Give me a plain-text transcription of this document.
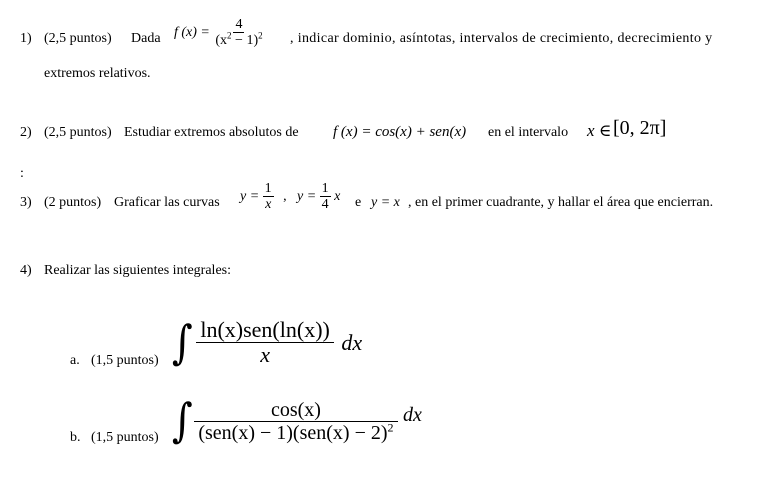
1) (2,5 puntos) Dada f $(x) = \frac{4}{(x^2 - 1)^2}$ , indicar dominio, asíntotas, intervalos de crecimiento, decrecimiento y
extremos relativos.
2) (2,5 puntos) Estudiar extremos absolutos de f (x) = cos(x) + sen(x) en el intervalo x ∈ [0, 2π]
:
3) (2 puntos) Graficar las curvas $y = \frac{1}{x}$ , $y = \frac{1}{4}$ x e y = x , en el primer cuadrante, y hallar el área que encierran.
4) Realizar las siguientes integrales:
a. (1,5 puntos) ∫ $\frac{\text{ln(x)sen(ln(x))}}{x}$ dx
b. (1,5 puntos) ∫ $\frac{\cos(x)}{(sen(x) - 1)(sen(x) - 2)^2}$ dx
